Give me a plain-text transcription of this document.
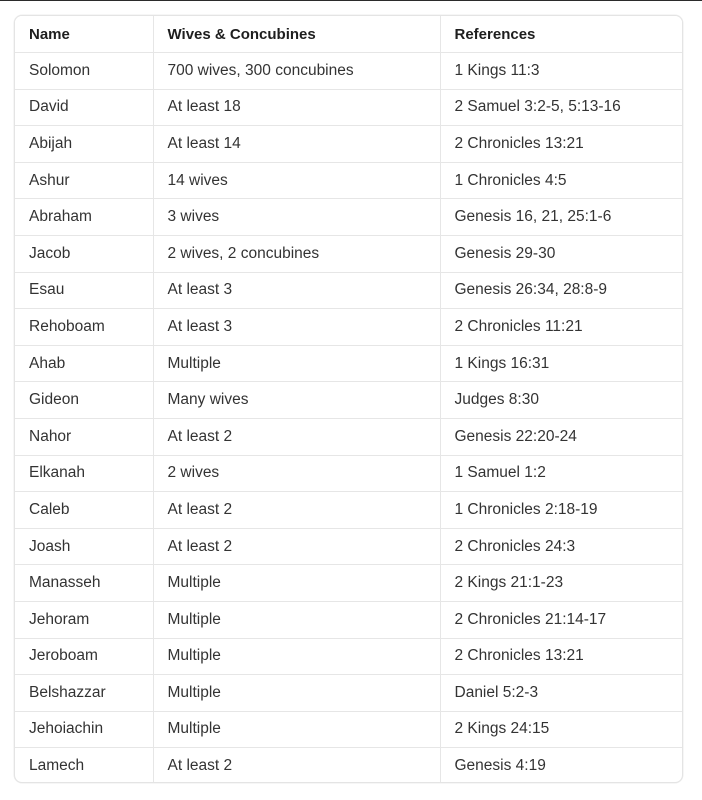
Name	Wives & Concubines	References
Solomon	700 wives, 300 concubines	1 Kings 11:3
David	At least 18	2 Samuel 3:2-5, 5:13-16
Abijah	At least 14	2 Chronicles 13:21
Ashur	14 wives	1 Chronicles 4:5
Abraham	3 wives	Genesis 16, 21, 25:1-6
Jacob	2 wives, 2 concubines	Genesis 29-30
Esau	At least 3	Genesis 26:34, 28:8-9
Rehoboam	At least 3	2 Chronicles 11:21
Ahab	Multiple	1 Kings 16:31
Gideon	Many wives	Judges 8:30
Nahor	At least 2	Genesis 22:20-24
Elkanah	2 wives	1 Samuel 1:2
Caleb	At least 2	1 Chronicles 2:18-19
Joash	At least 2	2 Chronicles 24:3
Manasseh	Multiple	2 Kings 21:1-23
Jehoram	Multiple	2 Chronicles 21:14-17
Jeroboam	Multiple	2 Chronicles 13:21
Belshazzar	Multiple	Daniel 5:2-3
Jehoiachin	Multiple	2 Kings 24:15
Lamech	At least 2	Genesis 4:19
